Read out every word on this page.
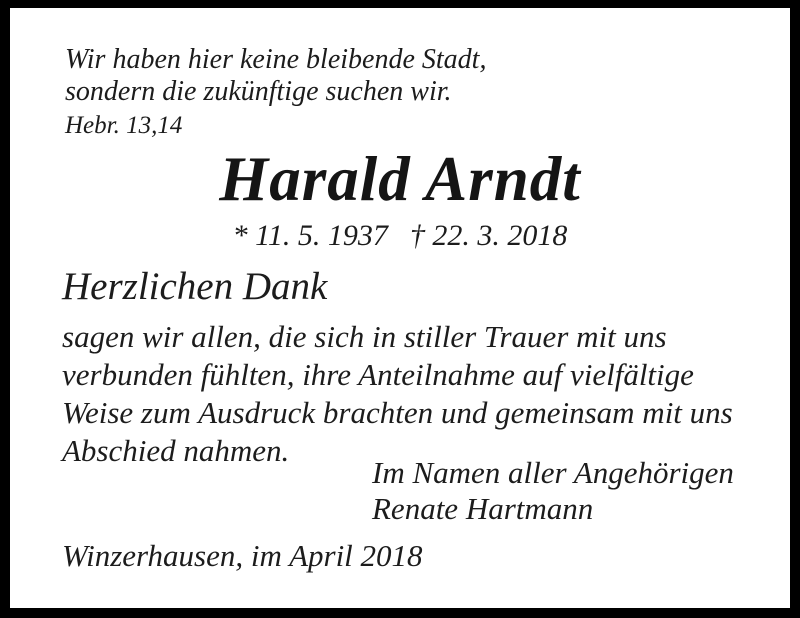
Wir haben hier keine bleibende Stadt,
sondern die zukünftige suchen wir.
Hebr. 13,14
Harald Arndt
* 11. 5. 1937 † 22. 3. 2018
Herzlichen Dank
sagen wir allen, die sich in stiller Trauer mit uns
verbunden fühlten, ihre Anteilnahme auf vielfältige
Weise zum Ausdruck brachten und gemeinsam mit uns
Abschied nahmen.
Im Namen aller Angehörigen
Renate Hartmann
Winzerhausen, im April 2018
